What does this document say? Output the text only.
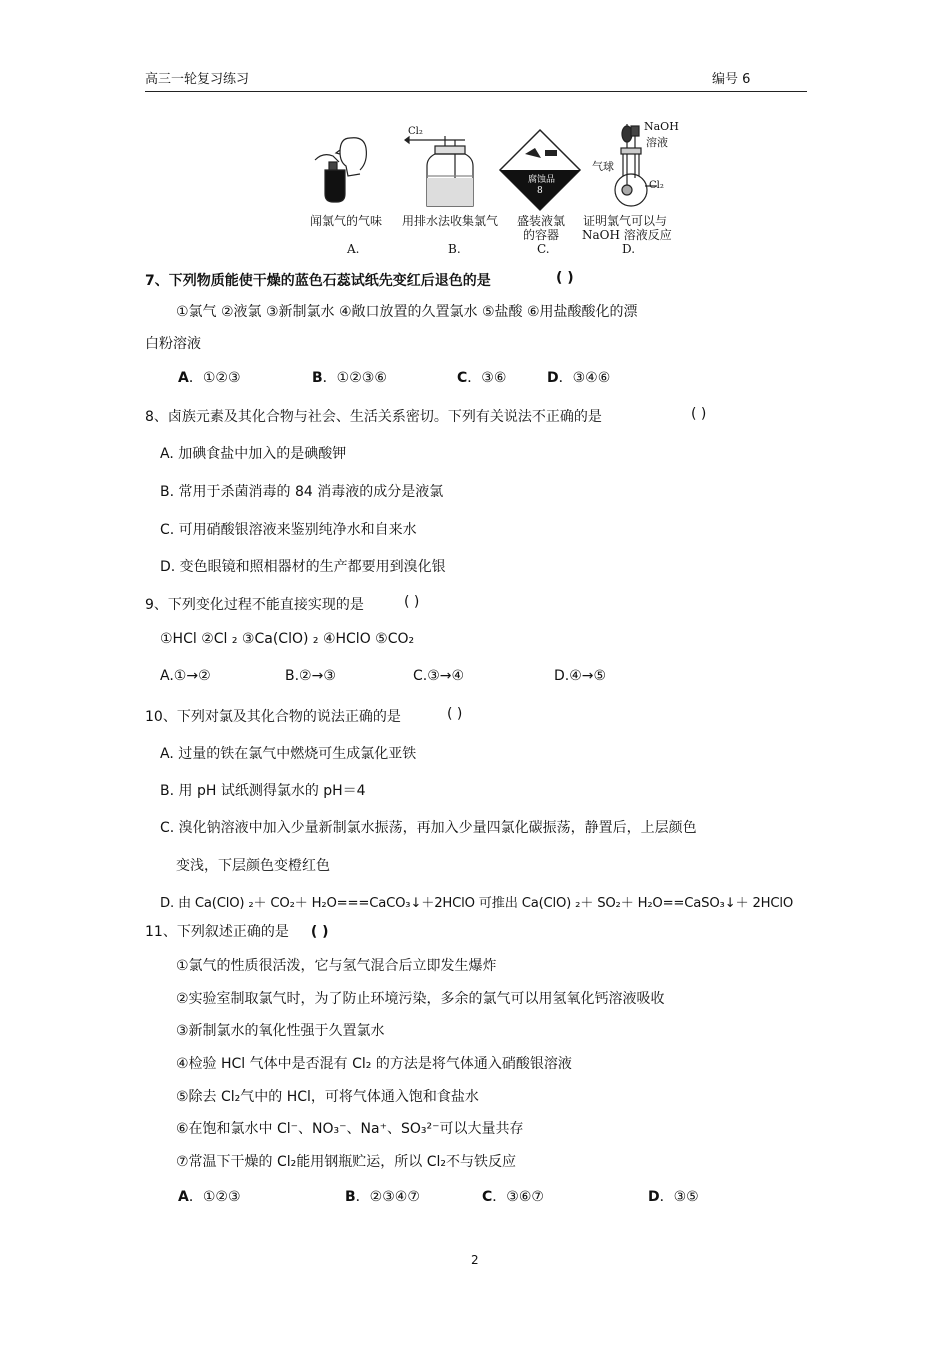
高三一轮复习练习	编号 6
Cl₂
腐蚀品
8
NaOH
溶液
气球
Cl₂
闻氯气的气味
A.
用排水法收集氯气
B.
盛装液氯
的容器
C.
证明氯气可以与
NaOH 溶液反应
D.
7、下列物质能使干燥的蓝色石蕊试纸先变红后退色的是	( )
①氯气 ②液氯 ③新制氯水 ④敞口放置的久置氯水 ⑤盐酸 ⑥用盐酸酸化的漂
白粉溶液
A．①②③	B．①②③⑥	C．③⑥	D．③④⑥
8、卤族元素及其化合物与社会、生活关系密切。下列有关说法不正确的是	( )
A. 加碘食盐中加入的是碘酸钾
B. 常用于杀菌消毒的 84 消毒液的成分是液氯
C. 可用硝酸银溶液来鉴别纯净水和自来水
D. 变色眼镜和照相器材的生产都要用到溴化银
9、下列变化过程不能直接实现的是	( )
①HCl ②Cl ₂ ③Ca(ClO) ₂ ④HClO ⑤CO₂
A.①→②	B.②→③	C.③→④	D.④→⑤
10、下列对氯及其化合物的说法正确的是	( )
A. 过量的铁在氯气中燃烧可生成氯化亚铁
B. 用 pH 试纸测得氯水的 pH＝4
C. 溴化钠溶液中加入少量新制氯水振荡，再加入少量四氯化碳振荡，静置后，上层颜色
变浅，下层颜色变橙红色
D. 由 Ca(ClO) ₂＋ CO₂＋ H₂O===CaCO₃↓＋2HClO 可推出 Ca(ClO) ₂＋ SO₂＋ H₂O==CaSO₃↓＋ 2HClO
11、下列叙述正确的是 ( )
①氯气的性质很活泼，它与氢气混合后立即发生爆炸
②实验室制取氯气时，为了防止环境污染，多余的氯气可以用氢氧化钙溶液吸收
③新制氯水的氧化性强于久置氯水
④检验 HCl 气体中是否混有 Cl₂ 的方法是将气体通入硝酸银溶液
⑤除去 Cl₂气中的 HCl，可将气体通入饱和食盐水
⑥在饱和氯水中 Cl⁻、NO₃⁻、Na⁺、SO₃²⁻可以大量共存
⑦常温下干燥的 Cl₂能用钢瓶贮运，所以 Cl₂不与铁反应
A．①②③	B．②③④⑦	C．③⑥⑦	D．③⑤
2
